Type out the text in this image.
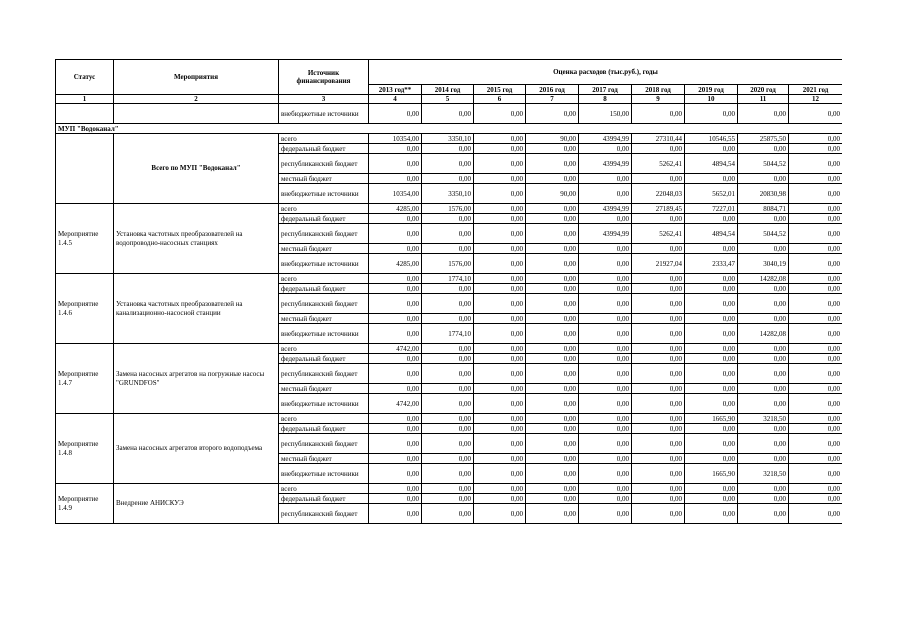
Статус	Мероприятия	Источник финансирования	Оценка расходов (тыс.руб.), годы								
			2013 год**	2014 год	2015 год	2016 год	2017 год	2018 год	2019 год	2020 год	2021 год
1	2	3	4	5	6	7	8	9	10	11	12
		внебюджетные источники	0,00	0,00	0,00	0,00	150,00	0,00	0,00	0,00	0,00
МУП "Водоканал"											
	Всего по МУП "Водоканал"	всего	10354,00	3350,10	0,00	90,00	43994,99	27310,44	10546,55	25875,50	0,00
		федеральный бюджет	0,00	0,00	0,00	0,00	0,00	0,00	0,00	0,00	0,00
		республиканский бюджет	0,00	0,00	0,00	0,00	43994,99	5262,41	4894,54	5044,52	0,00
		местный бюджет	0,00	0,00	0,00	0,00	0,00	0,00	0,00	0,00	0,00
		внебюджетные источники	10354,00	3350,10	0,00	90,00	0,00	22048,03	5652,01	20830,98	0,00
Мероприятие 1.4.5	Установка частотных преобразователей на водопроводно-насосных станциях	всего	4285,00	1576,00	0,00	0,00	43994,99	27189,45	7227,01	8084,71	0,00
		федеральный бюджет	0,00	0,00	0,00	0,00	0,00	0,00	0,00	0,00	0,00
		республиканский бюджет	0,00	0,00	0,00	0,00	43994,99	5262,41	4894,54	5044,52	0,00
		местный бюджет	0,00	0,00	0,00	0,00	0,00	0,00	0,00	0,00	0,00
		внебюджетные источники	4285,00	1576,00	0,00	0,00	0,00	21927,04	2333,47	3040,19	0,00
Мероприятие 1.4.6	Установка частотных преобразователей на канализационно-насосной станции	всего	0,00	1774,10	0,00	0,00	0,00	0,00	0,00	14282,08	0,00
		федеральный бюджет	0,00	0,00	0,00	0,00	0,00	0,00	0,00	0,00	0,00
		республиканский бюджет	0,00	0,00	0,00	0,00	0,00	0,00	0,00	0,00	0,00
		местный бюджет	0,00	0,00	0,00	0,00	0,00	0,00	0,00	0,00	0,00
		внебюджетные источники	0,00	1774,10	0,00	0,00	0,00	0,00	0,00	14282,08	0,00
Мероприятие 1.4.7	Замена насосных агрегатов на погружные насосы "GRUNDFOS"	всего	4742,00	0,00	0,00	0,00	0,00	0,00	0,00	0,00	0,00
		федеральный бюджет	0,00	0,00	0,00	0,00	0,00	0,00	0,00	0,00	0,00
		республиканский бюджет	0,00	0,00	0,00	0,00	0,00	0,00	0,00	0,00	0,00
		местный бюджет	0,00	0,00	0,00	0,00	0,00	0,00	0,00	0,00	0,00
		внебюджетные источники	4742,00	0,00	0,00	0,00	0,00	0,00	0,00	0,00	0,00
Мероприятие 1.4.8	Замена насосных агрегатов второго водоподъема	всего	0,00	0,00	0,00	0,00	0,00	0,00	1665,90	3218,50	0,00
		федеральный бюджет	0,00	0,00	0,00	0,00	0,00	0,00	0,00	0,00	0,00
		республиканский бюджет	0,00	0,00	0,00	0,00	0,00	0,00	0,00	0,00	0,00
		местный бюджет	0,00	0,00	0,00	0,00	0,00	0,00	0,00	0,00	0,00
		внебюджетные источники	0,00	0,00	0,00	0,00	0,00	0,00	1665,90	3218,50	0,00
Мероприятие 1.4.9	Внедрение АНИСКУЭ	всего	0,00	0,00	0,00	0,00	0,00	0,00	0,00	0,00	0,00
		федеральный бюджет	0,00	0,00	0,00	0,00	0,00	0,00	0,00	0,00	0,00
		республиканский бюджет	0,00	0,00	0,00	0,00	0,00	0,00	0,00	0,00	0,00
